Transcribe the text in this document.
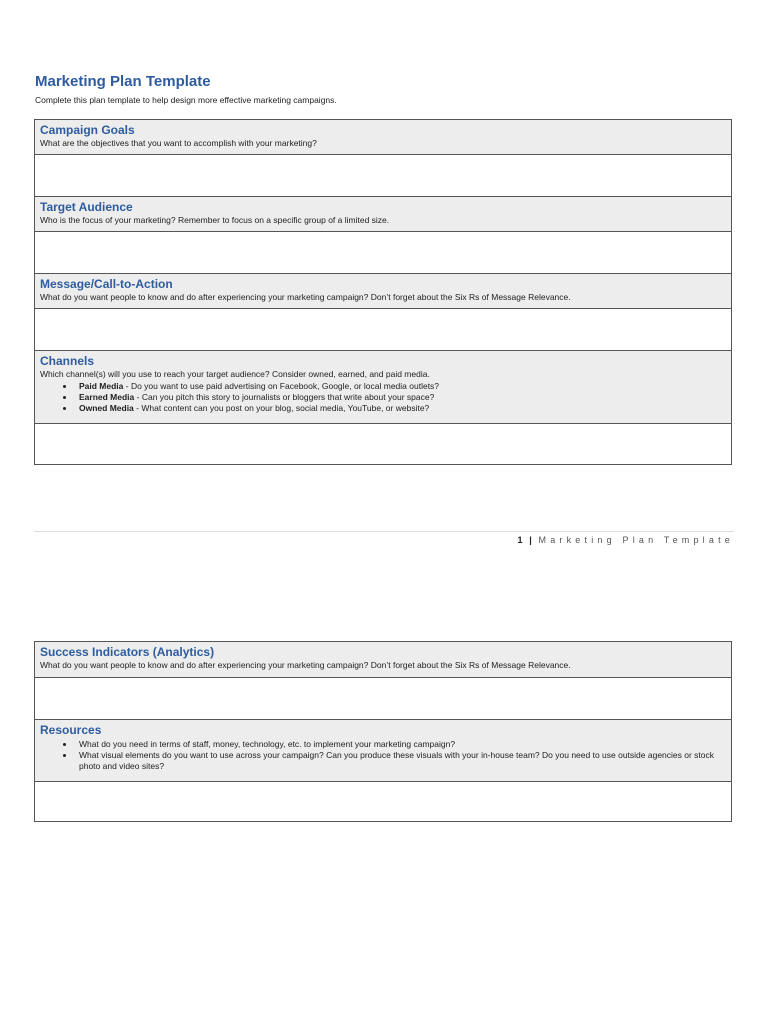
Marketing Plan Template
Complete this plan template to help design more effective marketing campaigns.
Campaign Goals
What are the objectives that you want to accomplish with your marketing?
Target Audience
Who is the focus of your marketing? Remember to focus on a specific group of a limited size.
Message/Call-to-Action
What do you want people to know and do after experiencing your marketing campaign? Don’t forget about the Six Rs of Message Relevance.
Channels
Which channel(s) will you use to reach your target audience? Consider owned, earned, and paid media.
• Paid Media - Do you want to use paid advertising on Facebook, Google, or local media outlets?
• Earned Media - Can you pitch this story to journalists or bloggers that write about your space?
• Owned Media - What content can you post on your blog, social media, YouTube, or website?
1 | Marketing Plan Template
Success Indicators (Analytics)
What do you want people to know and do after experiencing your marketing campaign? Don’t forget about the Six Rs of Message Relevance.
Resources
• What do you need in terms of staff, money, technology, etc. to implement your marketing campaign?
• What visual elements do you want to use across your campaign? Can you produce these visuals with your in-house team? Do you need to use outside agencies or stock photo and video sites?
